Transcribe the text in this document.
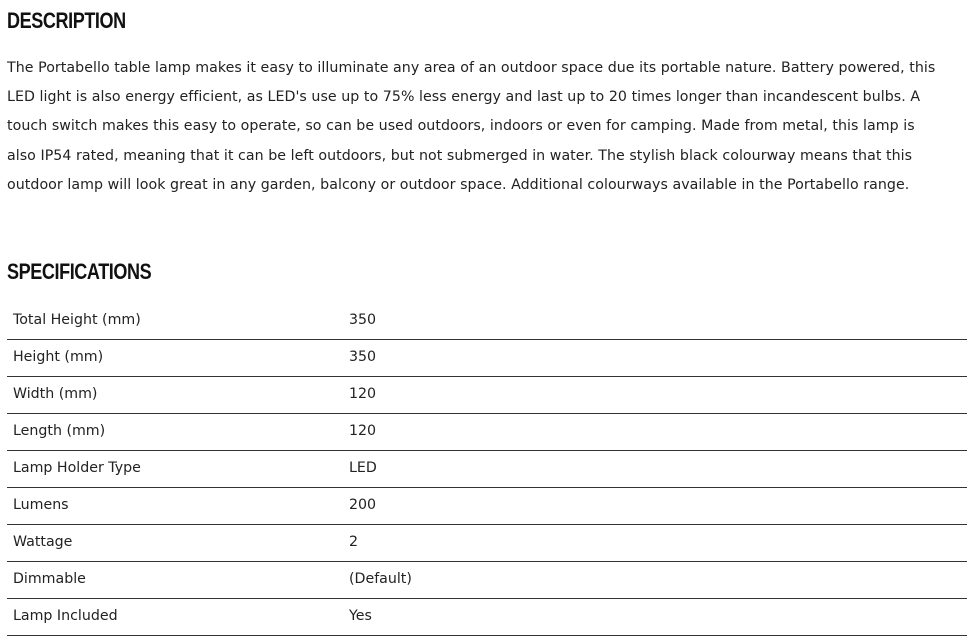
DESCRIPTION
The Portabello table lamp makes it easy to illuminate any area of an outdoor space due its portable nature. Battery powered, this
LED light is also energy efficient, as LED's use up to 75% less energy and last up to 20 times longer than incandescent bulbs. A
touch switch makes this easy to operate, so can be used outdoors, indoors or even for camping. Made from metal, this lamp is
also IP54 rated, meaning that it can be left outdoors, but not submerged in water. The stylish black colourway means that this
outdoor lamp will look great in any garden, balcony or outdoor space. Additional colourways available in the Portabello range.
SPECIFICATIONS
Total Height (mm)	350
Height (mm)	350
Width (mm)	120
Length (mm)	120
Lamp Holder Type	LED
Lumens	200
Wattage	2
Dimmable	(Default)
Lamp Included	Yes
